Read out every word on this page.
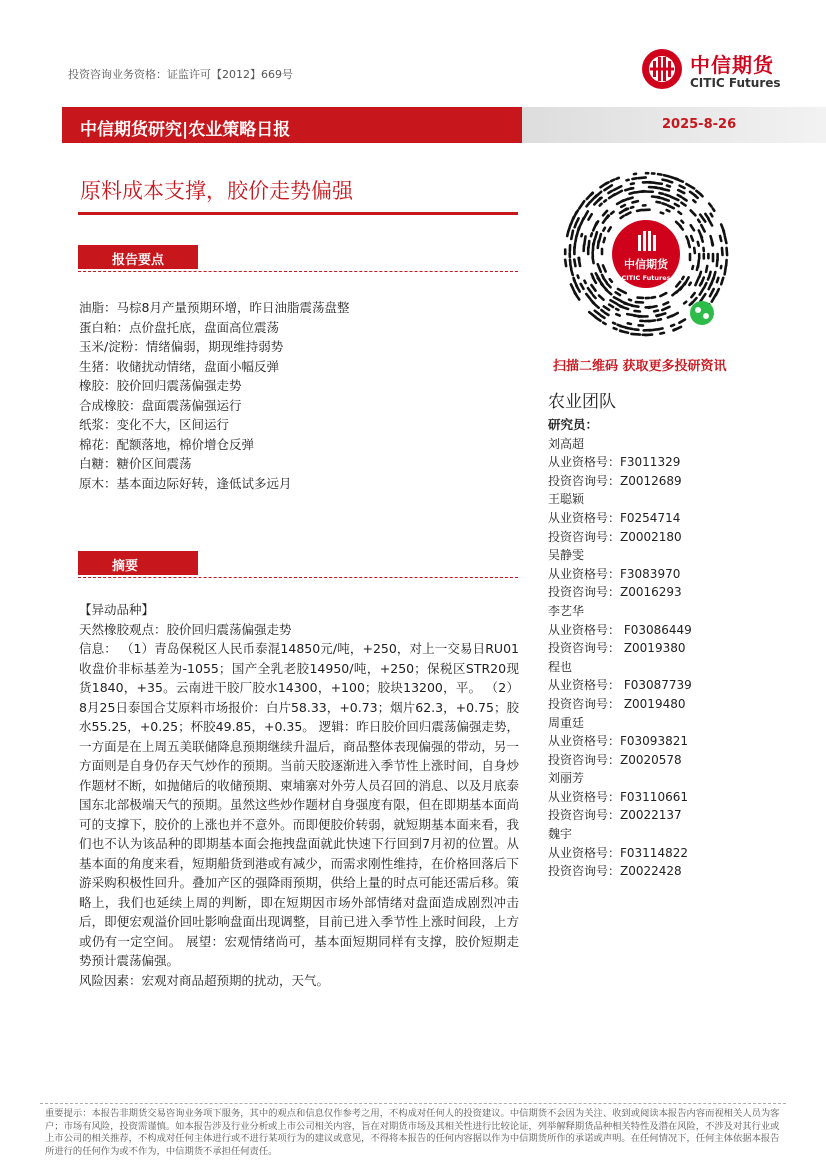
投资咨询业务资格：证监许可【2012】669号	中信期货
CITIC Futures
中信期货研究|农业策略日报	2025-8-26
原料成本支撑，胶价走势偏强
报告要点
油脂：马棕8月产量预期环增，昨日油脂震荡盘整
蛋白粕：点价盘托底，盘面高位震荡
玉米/淀粉：情绪偏弱，期现维持弱势
生猪：收储扰动情绪，盘面小幅反弹
橡胶：胶价回归震荡偏强走势
合成橡胶：盘面震荡偏强运行
纸浆：变化不大，区间运行
棉花：配额落地，棉价增仓反弹
白糖：糖价区间震荡
原木：基本面边际好转，逢低试多远月
摘要

【异动品种】

天然橡胶观点：胶价回归震荡偏强走势

信息： （1）青岛保税区人民币泰混14850元/吨，+250，对上一交易日RU01收盘价非标基差为-1055；国产全乳老胶14950/吨，+250；保税区STR20现货1840，+35。云南进干胶厂胶水14300，+100；胶块13200，平。 （2）8月25日泰国合艾原料市场报价：白片58.33，+0.73；烟片62.3，+0.75；胶水55.25，+0.25；杯胶49.85，+0.35。 逻辑：昨日胶价回归震荡偏强走势， 一方面是在上周五美联储降息预期继续升温后，商品整体表现偏强的带动，另一方面则是自身仍存天气炒作的预期。当前天胶逐渐进入季节性上涨时间，自身炒作题材不断，如抛储后的收储预期、柬埔寨对外劳人员召回的消息、以及月底泰国东北部极端天气的预期。虽然这些炒作题材自身强度有限，但在即期基本面尚可的支撑下，胶价的上涨也并不意外。而即便胶价转弱，就短期基本面来看，我们也不认为该品种的即期基本面会拖拽盘面就此快速下行回到7月初的位置。从基本面的角度来看，短期船货到港或有减少，而需求刚性维持，在价格回落后下游采购积极性回升。叠加产区的强降雨预期，供给上量的时点可能还需后移。策略上，我们也延续上周的判断，即在短期因市场外部情绪对盘面造成剧烈冲击后，即便宏观溢价回吐影响盘面出现调整，目前已进入季节性上涨时间段，上方或仍有一定空间。 展望：宏观情绪尚可，基本面短期同样有支撑，胶价短期走势预计震荡偏强。

风险因素：宏观对商品超预期的扰动，天气。

中信期货
CITIC Futures
扫描二维码 获取更多投研资讯
农业团队
研究员：
刘高超
从业资格号：F3011329
投资咨询号：Z0012689
王聪颖
从业资格号：F0254714
投资咨询号：Z0002180
吴静雯
从业资格号：F3083970
投资咨询号：Z0016293
李艺华
从业资格号： F03086449
投资咨询号： Z0019380
程也
从业资格号： F03087739
投资咨询号： Z0019480
周重廷
从业资格号：F03093821
投资咨询号：Z0020578
刘丽芳
从业资格号：F03110661
投资咨询号：Z0022137
魏宇
从业资格号：F03114822
投资咨询号：Z0022428
重要提示：本报告非期货交易咨询业务项下服务，其中的观点和信息仅作参考之用，不构成对任何人的投资建议。中信期货不会因为关注、收到或阅读本报告内容而视相关人员为客户；市场有风险，投资需谨慎。如本报告涉及行业分析或上市公司相关内容，旨在对期货市场及其相关性进行比较论证，列举解释期货品种相关特性及潜在风险，不涉及对其行业或上市公司的相关推荐，不构成对任何主体进行或不进行某项行为的建议或意见，不得将本报告的任何内容据以作为中信期货所作的承诺或声明。在任何情况下，任何主体依据本报告所进行的任何作为或不作为，中信期货不承担任何责任。
